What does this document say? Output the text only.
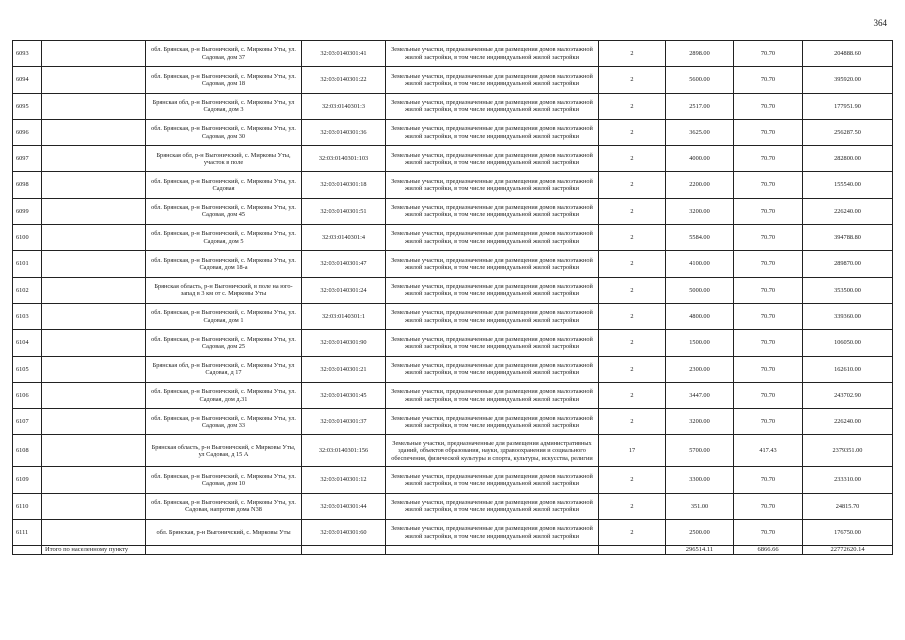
364
6093		обл. Брянская, р-н Выгоничский, с. Мирковы Уты, ул. Садовая, дом 37	32:03:0140301:41	Земельные участки, предназначенные для размещения домов малоэтажной жилой застройки, в том числе индивидуальной жилой застройки	2	2898.00	70.70	204888.60
6094		обл. Брянская, р-н Выгоничский, с. Мирковы Уты, ул. Садовая, дом 18	32:03:0140301:22	Земельные участки, предназначенные для размещения домов малоэтажной жилой застройки, в том числе индивидуальной жилой застройки	2	5600.00	70.70	395920.00
6095		Брянская обл, р-н Выгоничский, с. Мирковы Уты, ул Садовая, дом 3	32:03:0140301:3	Земельные участки, предназначенные для размещения домов малоэтажной жилой застройки, в том числе индивидуальной жилой застройки	2	2517.00	70.70	177951.90
6096		обл. Брянская, р-н Выгоничский, с. Мирковы Уты, ул. Садовая, дом 30	32:03:0140301:36	Земельные участки, предназначенные для размещения домов малоэтажной жилой застройки, в том числе индивидуальной жилой застройки	2	3625.00	70.70	256287.50
6097		Брянская обл, р-н Выгоничский, с. Мирковы Уты, участок в поле	32:03:0140301:103	Земельные участки, предназначенные для размещения домов малоэтажной жилой застройки, в том числе индивидуальной жилой застройки	2	4000.00	70.70	282800.00
6098		обл. Брянская, р-н Выгоничский, с. Мирковы Уты, ул. Садовая	32:03:0140301:18	Земельные участки, предназначенные для размещения домов малоэтажной жилой застройки, в том числе индивидуальной жилой застройки	2	2200.00	70.70	155540.00
6099		обл. Брянская, р-н Выгоничский, с. Мирковы Уты, ул. Садовая, дом 45	32:03:0140301:51	Земельные участки, предназначенные для размещения домов малоэтажной жилой застройки, в том числе индивидуальной жилой застройки	2	3200.00	70.70	226240.00
6100		обл. Брянская, р-н Выгоничский, с. Мирковы Уты, ул. Садовая, дом 5	32:03:0140301:4	Земельные участки, предназначенные для размещения домов малоэтажной жилой застройки, в том числе индивидуальной жилой застройки	2	5584.00	70.70	394788.80
6101		обл. Брянская, р-н Выгоничский, с. Мирковы Уты, ул. Садовая, дом 18-а	32:03:0140301:47	Земельные участки, предназначенные для размещения домов малоэтажной жилой застройки, в том числе индивидуальной жилой застройки	2	4100.00	70.70	289870.00
6102		Брянская область, р-н Выгоничский, в поле на юго-запад в 3 км от с. Мирковы Уты	32:03:0140301:24	Земельные участки, предназначенные для размещения домов малоэтажной жилой застройки, в том числе индивидуальной жилой застройки	2	5000.00	70.70	353500.00
6103		обл. Брянская, р-н Выгоничский, с. Мирковы Уты, ул. Садовая, дом 1	32:03:0140301:1	Земельные участки, предназначенные для размещения домов малоэтажной жилой застройки, в том числе индивидуальной жилой застройки	2	4800.00	70.70	339360.00
6104		обл. Брянская, р-н Выгоничский, с. Мирковы Уты, ул. Садовая, дом 25	32:03:0140301:90	Земельные участки, предназначенные для размещения домов малоэтажной жилой застройки, в том числе индивидуальной жилой застройки	2	1500.00	70.70	106050.00
6105		Брянская обл, р-н Выгоничский, с. Мирковы Уты, ул Садовая, д 17	32:03:0140301:21	Земельные участки, предназначенные для размещения домов малоэтажной жилой застройки, в том числе индивидуальной жилой застройки	2	2300.00	70.70	162610.00
6106		обл. Брянская, р-н Выгоничский, с. Мирковы Уты, ул. Садовая, дом д.31	32:03:0140301:45	Земельные участки, предназначенные для размещения домов малоэтажной жилой застройки, в том числе индивидуальной жилой застройки	2	3447.00	70.70	243702.90
6107		обл. Брянская, р-н Выгоничский, с. Мирковы Уты, ул. Садовая, дом 33	32:03:0140301:37	Земельные участки, предназначенные для размещения домов малоэтажной жилой застройки, в том числе индивидуальной жилой застройки	2	3200.00	70.70	226240.00
6108		Брянская область, р-н Выгоничский, с Мирковы Уты, ул Садовая, д 15 А	32:03:0140301:156	Земельные участки, предназначенные для размещения административных зданий, объектов образования, науки, здравоохранения и социального обеспечения, физической культуры и спорта, культуры, искусства, религии	17	5700.00	417.43	2379351.00
6109		обл. Брянская, р-н Выгоничский, с. Мирковы Уты, ул. Садовая, дом 10	32:03:0140301:12	Земельные участки, предназначенные для размещения домов малоэтажной жилой застройки, в том числе индивидуальной жилой застройки	2	3300.00	70.70	233310.00
6110		обл. Брянская, р-н Выгоничский, с. Мирковы Уты, ул. Садовая, напротив дома N38	32:03:0140301:44	Земельные участки, предназначенные для размещения домов малоэтажной жилой застройки, в том числе индивидуальной жилой застройки	2	351.00	70.70	24815.70
6111		обл. Брянская, р-н Выгоничский, с. Мирковы Уты	32:03:0140301:60	Земельные участки, предназначенные для размещения домов малоэтажной жилой застройки, в том числе индивидуальной жилой застройки	2	2500.00	70.70	176750.00
	Итого по населенному пункту					296514.11	6866.66	22772620.14
